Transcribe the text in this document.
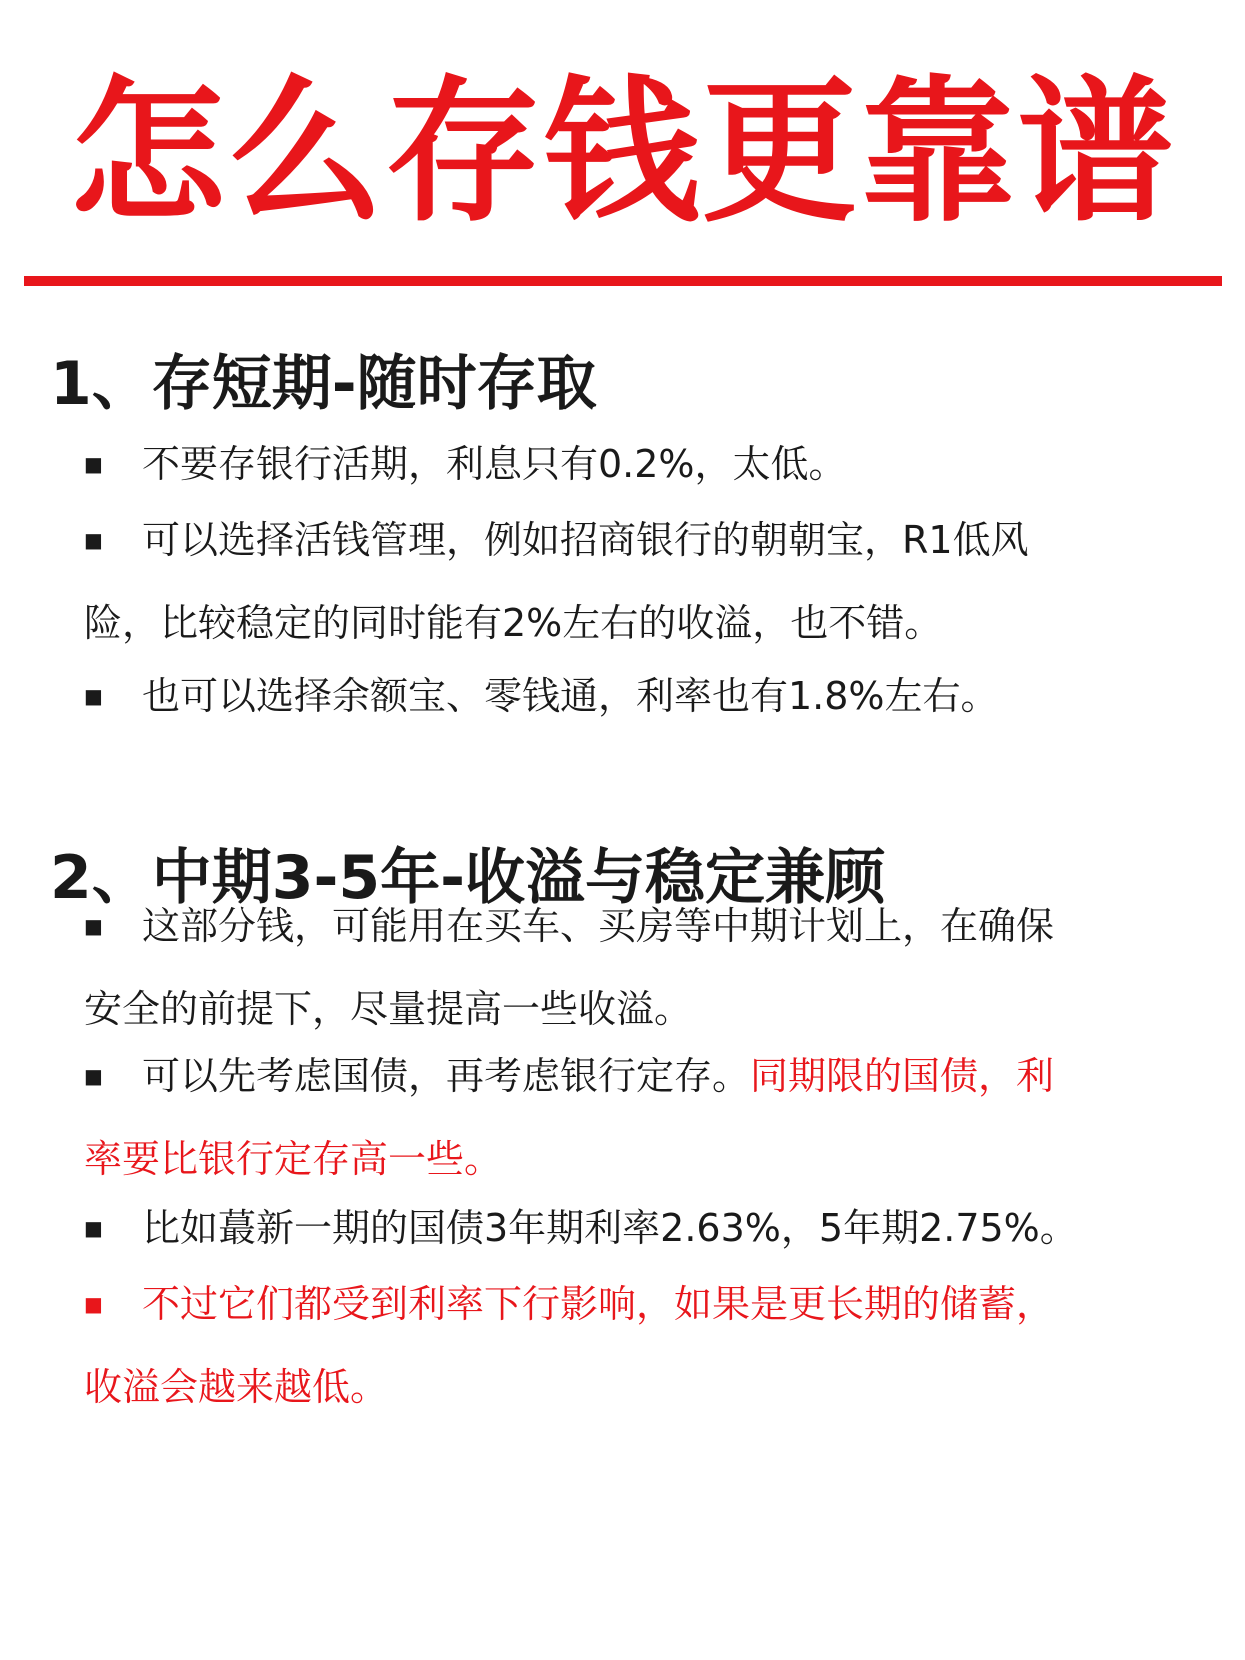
怎么存钱更靠谱
1、存短期-随时存取
■ 不要存银行活期，利息只有0.2%，太低。
■ 可以选择活钱管理，例如招商银行的朝朝宝，R1低风
险，比较稳定的同时能有2%左右的收溢，也不错。
■ 也可以选择余额宝、零钱通，利率也有1.8%左右。
2、中期3-5年-收溢与稳定兼顾
■ 这部分钱，可能用在买车、买房等中期计划上，在确保
安全的前提下，尽量提高一些收溢。
■ 可以先考虑国债，再考虑银行定存。同期限的国债，利
率要比银行定存高一些。
■ 比如蕞新一期的国债3年期利率2.63%，5年期2.75%。
■ 不过它们都受到利率下行影响，如果是更长期的储蓄，
收溢会越来越低。
